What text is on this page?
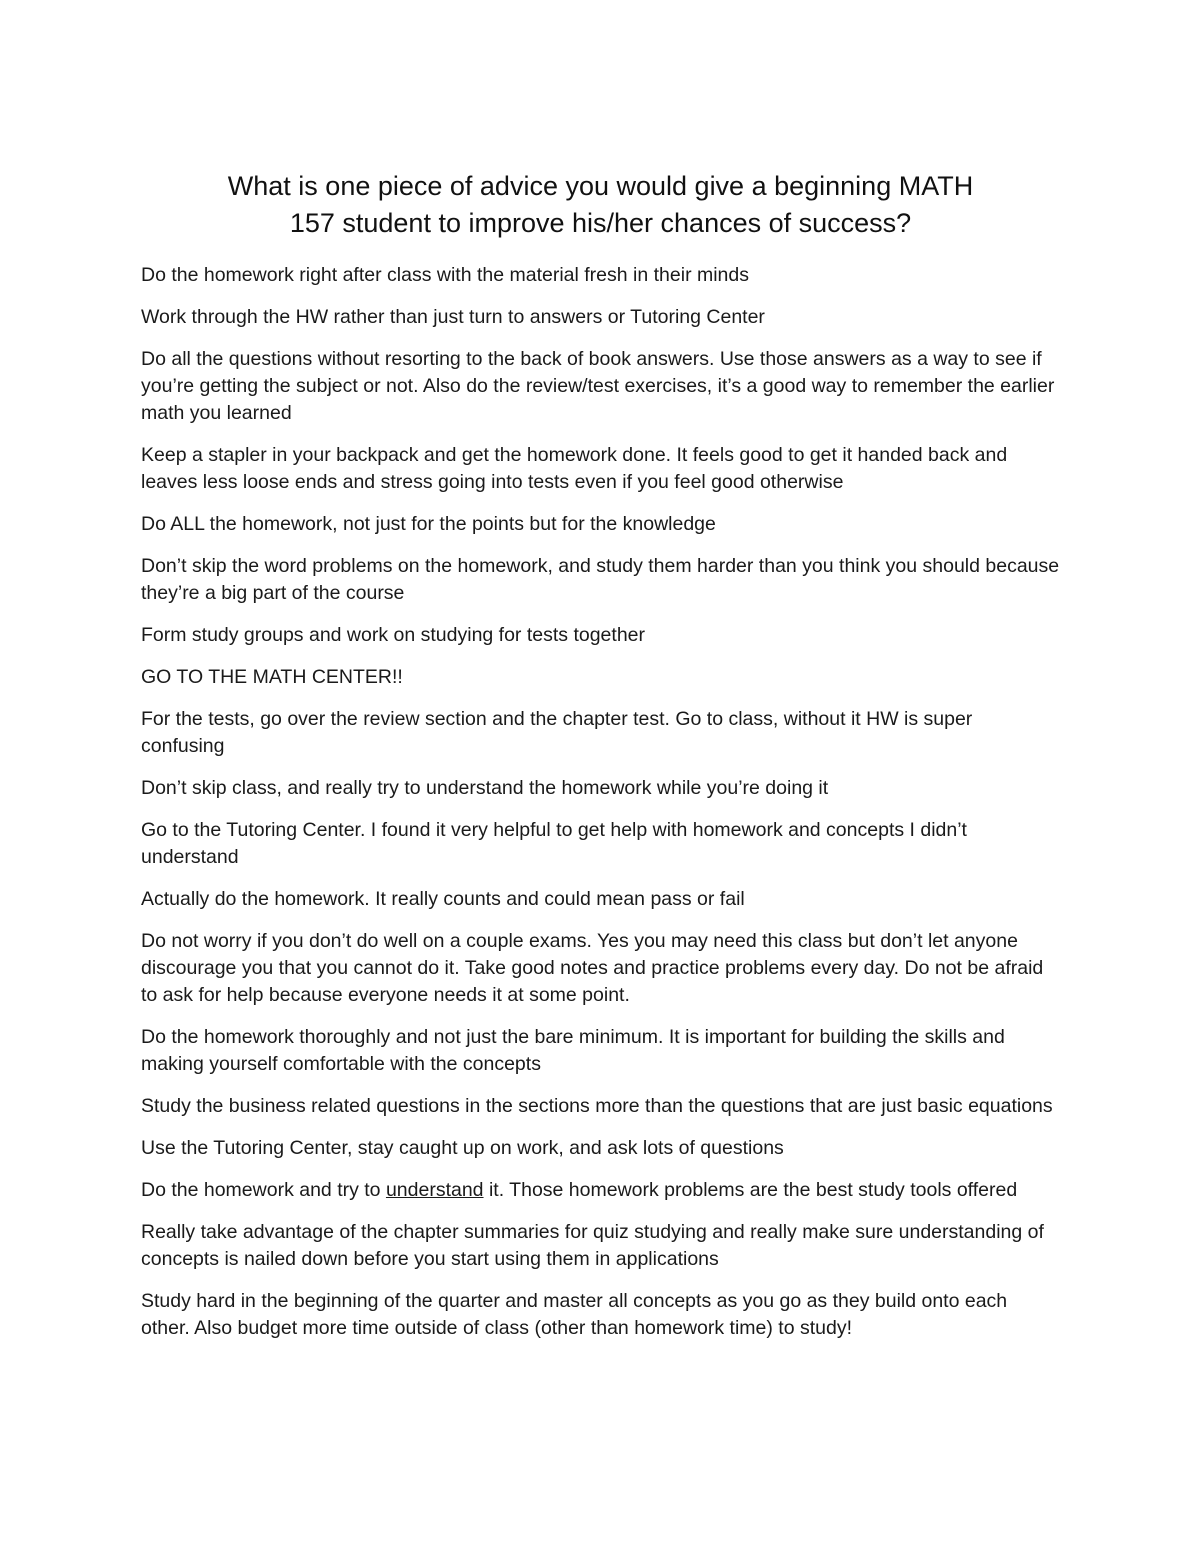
What is one piece of advice you would give a beginning MATH
157 student to improve his/her chances of success?

Do the homework right after class with the material fresh in their minds

Work through the HW rather than just turn to answers or Tutoring Center

Do all the questions without resorting to the back of book answers. Use those answers as a way to see if you’re getting the subject or not. Also do the review/test exercises, it’s a good way to remember the earlier math you learned

Keep a stapler in your backpack and get the homework done. It feels good to get it handed back and leaves less loose ends and stress going into tests even if you feel good otherwise

Do ALL the homework, not just for the points but for the knowledge

Don’t skip the word problems on the homework, and study them harder than you think you should because they’re a big part of the course

Form study groups and work on studying for tests together

GO TO THE MATH CENTER!!

For the tests, go over the review section and the chapter test. Go to class, without it HW is super confusing

Don’t skip class, and really try to understand the homework while you’re doing it

Go to the Tutoring Center. I found it very helpful to get help with homework and concepts I didn’t understand

Actually do the homework. It really counts and could mean pass or fail

Do not worry if you don’t do well on a couple exams. Yes you may need this class but don’t let anyone discourage you that you cannot do it. Take good notes and practice problems every day. Do not be afraid to ask for help because everyone needs it at some point.

Do the homework thoroughly and not just the bare minimum. It is important for building the skills and making yourself comfortable with the concepts

Study the business related questions in the sections more than the questions that are just basic equations

Use the Tutoring Center, stay caught up on work, and ask lots of questions

Do the homework and try to understand it. Those homework problems are the best study tools offered

Really take advantage of the chapter summaries for quiz studying and really make sure understanding of concepts is nailed down before you start using them in applications

Study hard in the beginning of the quarter and master all concepts as you go as they build onto each other. Also budget more time outside of class (other than homework time) to study!
